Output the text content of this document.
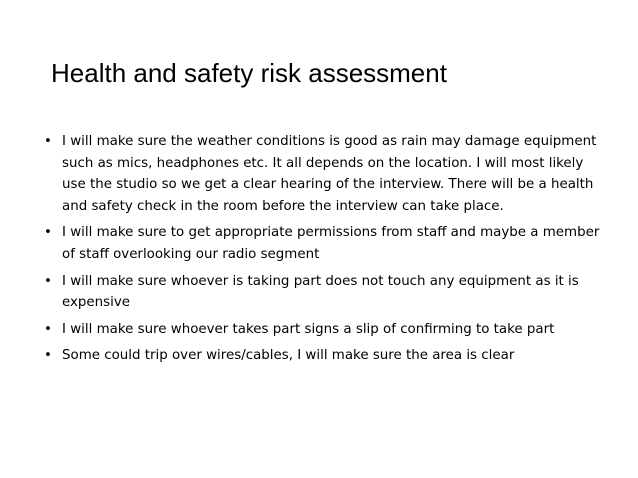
Health and safety risk assessment
• I will make sure the weather conditions is good as rain may damage equipment such as mics, headphones etc. It all depends on the location. I will most likely use the studio so we get a clear hearing of the interview. There will be a health and safety check in the room before the interview can take place.
• I will make sure to get appropriate permissions from staff and maybe a member of staff overlooking our radio segment
• I will make sure whoever is taking part does not touch any equipment as it is expensive
• I will make sure whoever takes part signs a slip of confirming to take part
• Some could trip over wires/cables, I will make sure the area is clear
